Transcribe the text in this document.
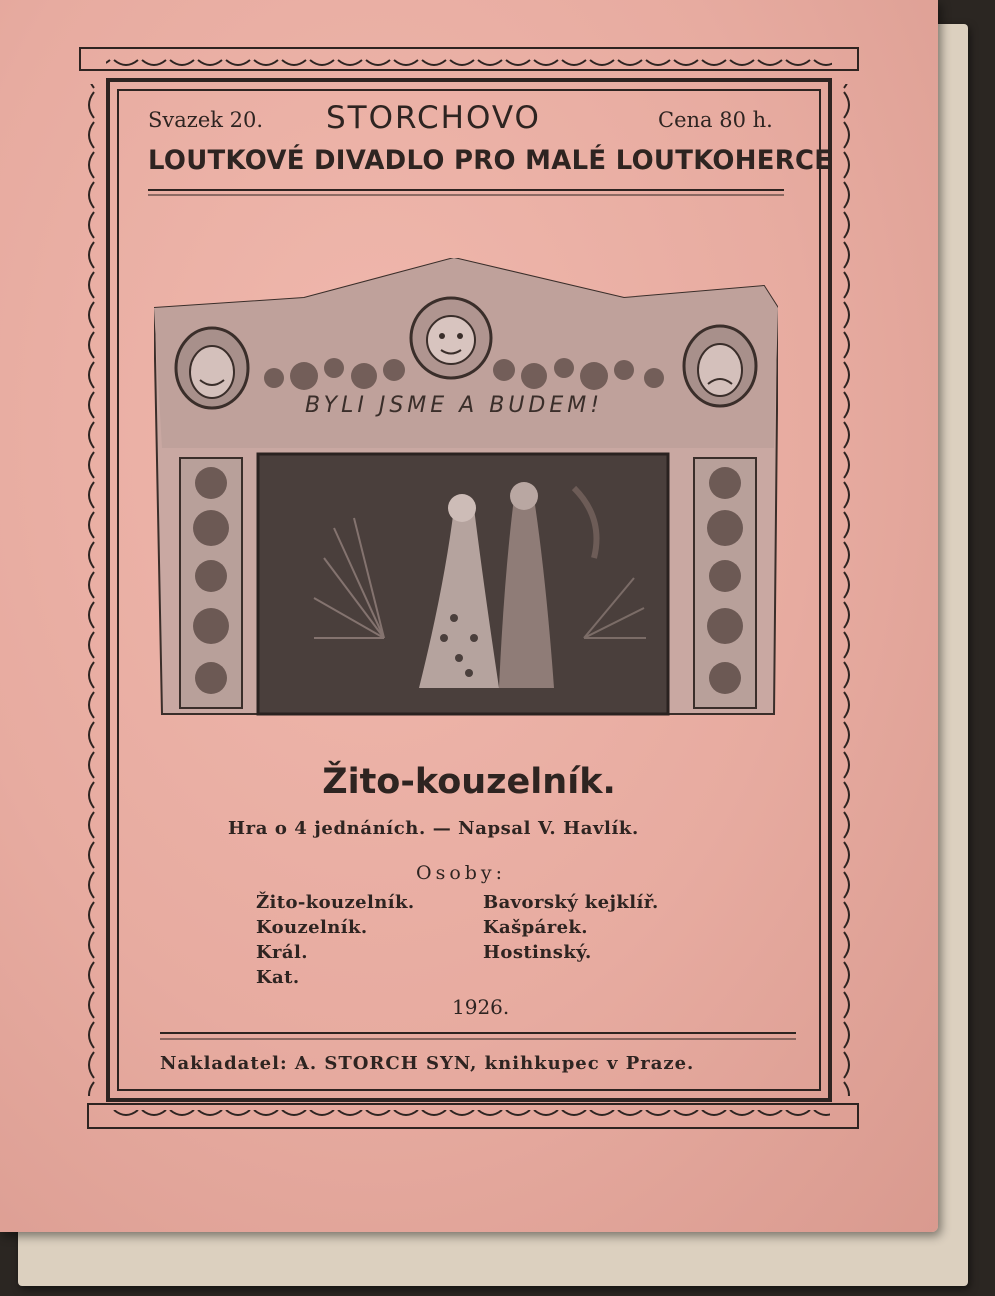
Svazek 20. STORCHOVO	Cena 80 h.
LOUTKOVÉ DIVADLO PRO MALÉ LOUTKOHERCE
BYLI JSME A BUDEM!
Žito-kouzelník.
Hra o 4 jednáních. — Napsal V. Havlík.
Osoby:
Žito-kouzelník.
Kouzelník.
Král.
Kat.
Bavorský kejklíř.
Kašpárek.
Hostinský.
1926.
Nakladatel: A. STORCH SYN, knihkupec v Praze.
